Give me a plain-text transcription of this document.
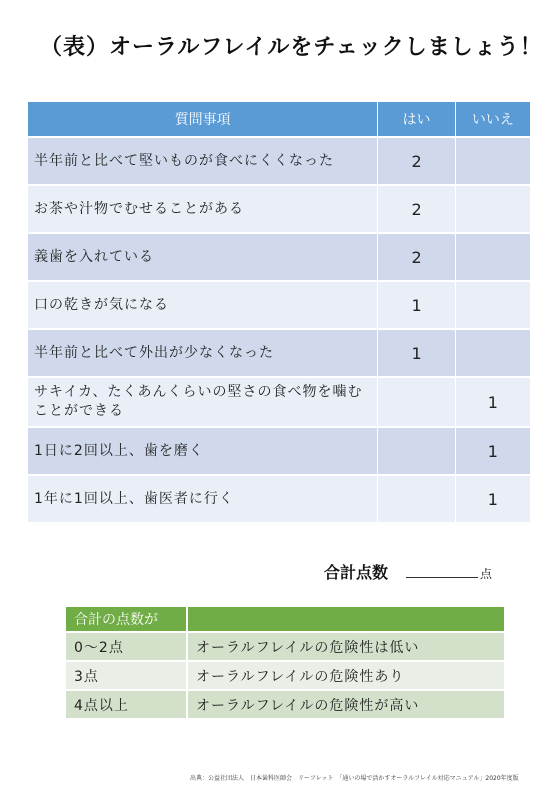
（表）オーラルフレイルをチェックしましょう！
質問事項	はい	いいえ
半年前と比べて堅いものが食べにくくなった	2	
お茶や汁物でむせることがある	2	
義歯を入れている	2	
口の乾きが気になる	1	
半年前と比べて外出が少なくなった	1	
サキイカ、たくあんくらいの堅さの食べ物を噛むことができる		1
1日に2回以上、歯を磨く		1
1年に1回以上、歯医者に行く		1
合計点数	点
合計の点数が	
0〜2点	オーラルフレイルの危険性は低い
3点	オーラルフレイルの危険性あり
4点以上	オーラルフレイルの危険性が高い
出典：公益社団法人　日本歯科医師会　リーフレット　「通いの場で活かすオーラルフレイル対応マニュアル」2020年度版
